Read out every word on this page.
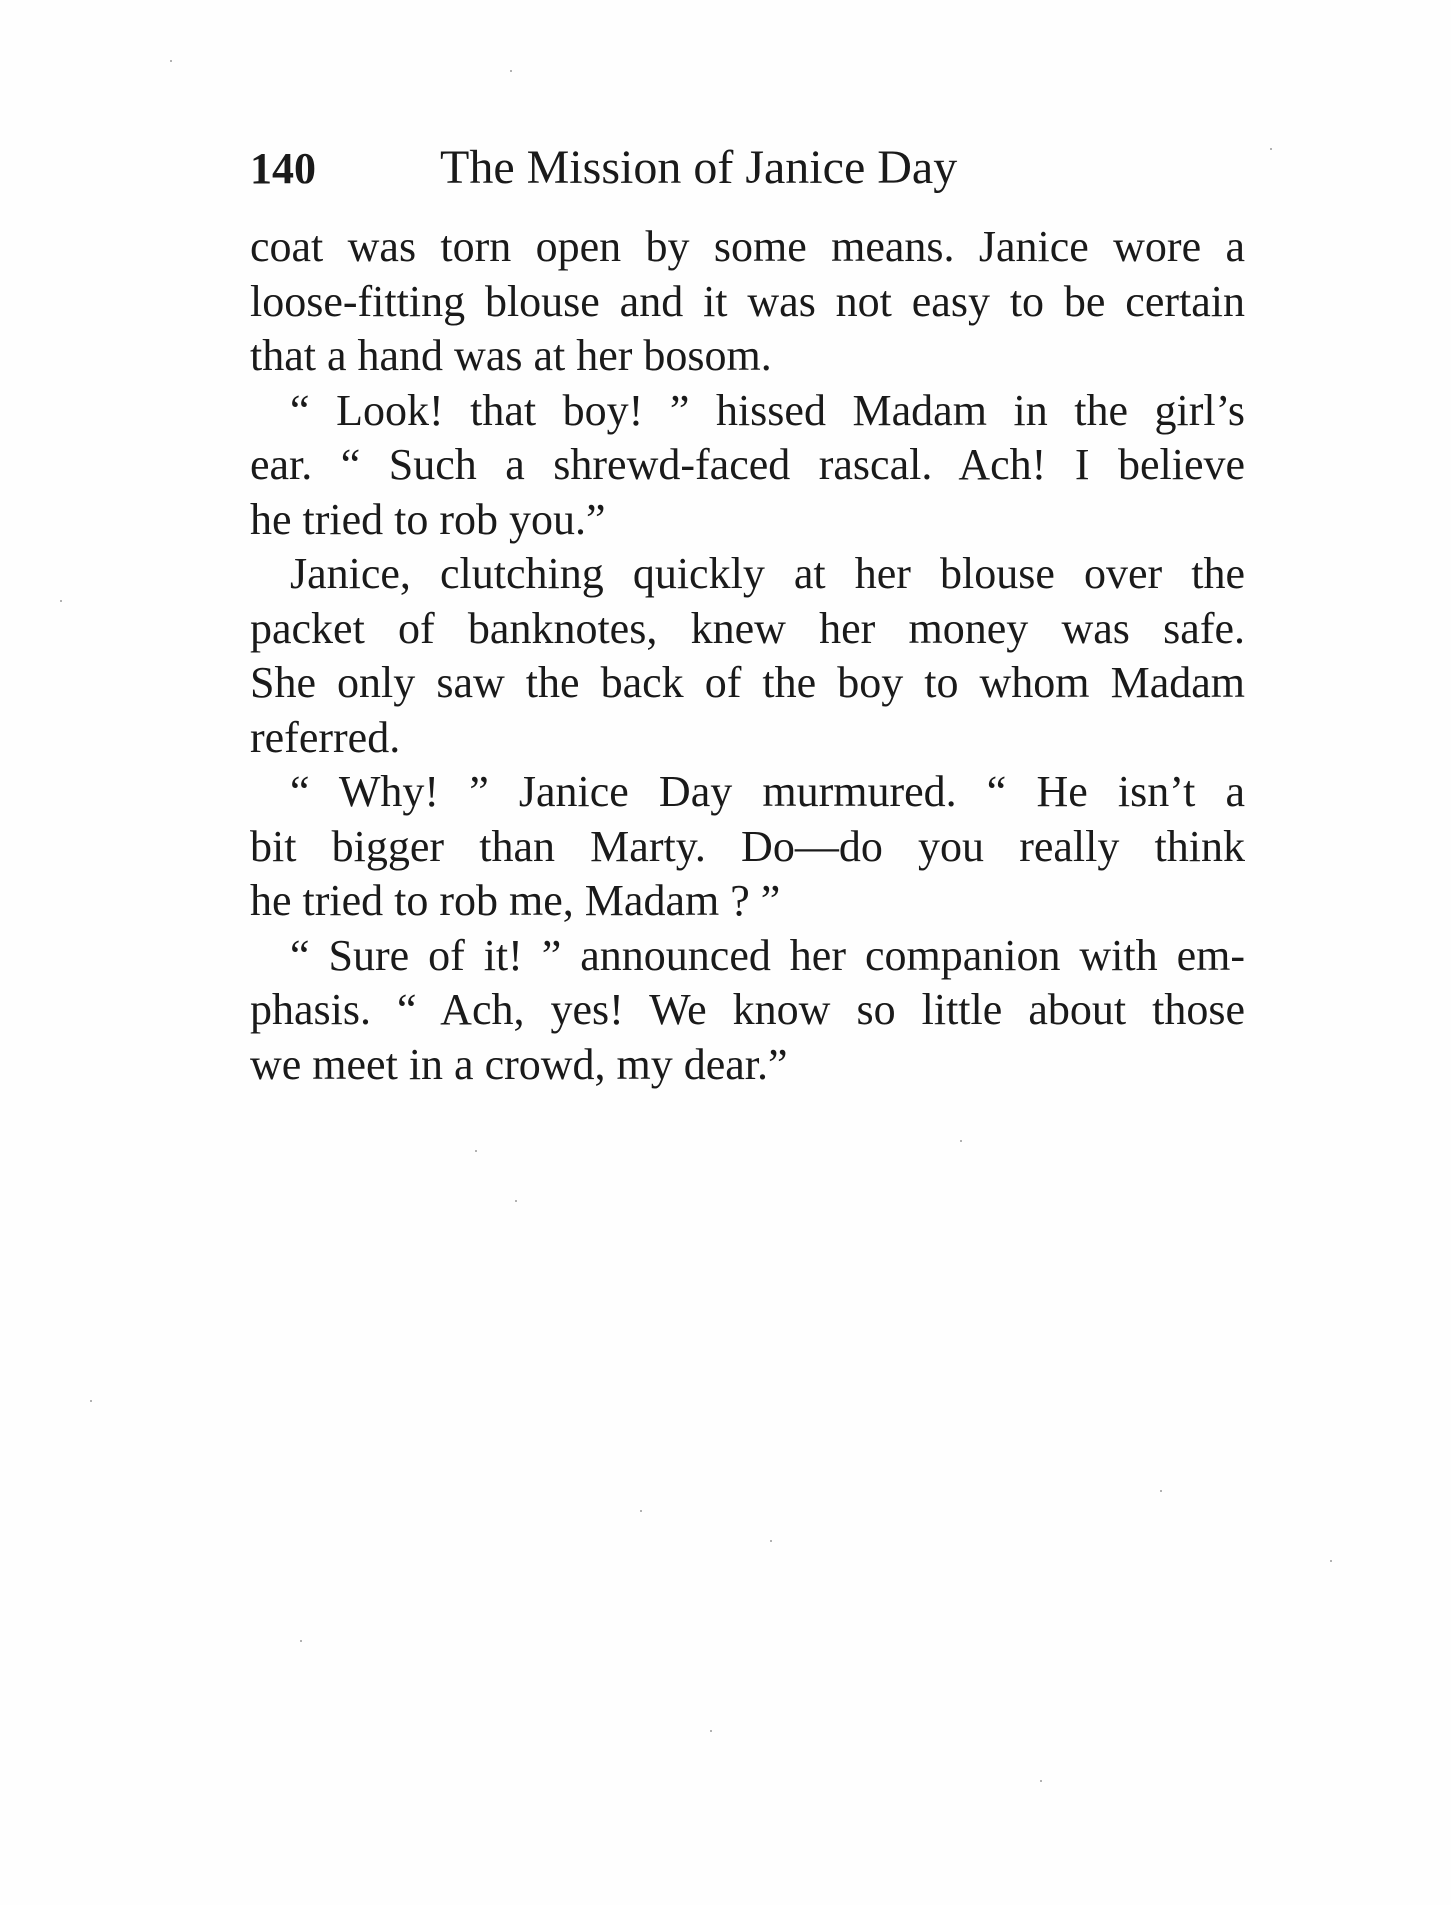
140	The Mission of Janice Day
coat was torn open by some means. Janice wore a
loose-fitting blouse and it was not easy to be certain
that a hand was at her bosom.
“ Look! that boy! ” hissed Madam in the girl’s
ear. “ Such a shrewd-faced rascal. Ach! I believe
he tried to rob you.”
Janice, clutching quickly at her blouse over the
packet of banknotes, knew her money was safe.
She only saw the back of the boy to whom Madam
referred.
“ Why! ” Janice Day murmured. “ He isn’t a
bit bigger than Marty. Do—do you really think
he tried to rob me, Madam ? ”
“ Sure of it! ” announced her companion with em-
phasis. “ Ach, yes! We know so little about those
we meet in a crowd, my dear.”
